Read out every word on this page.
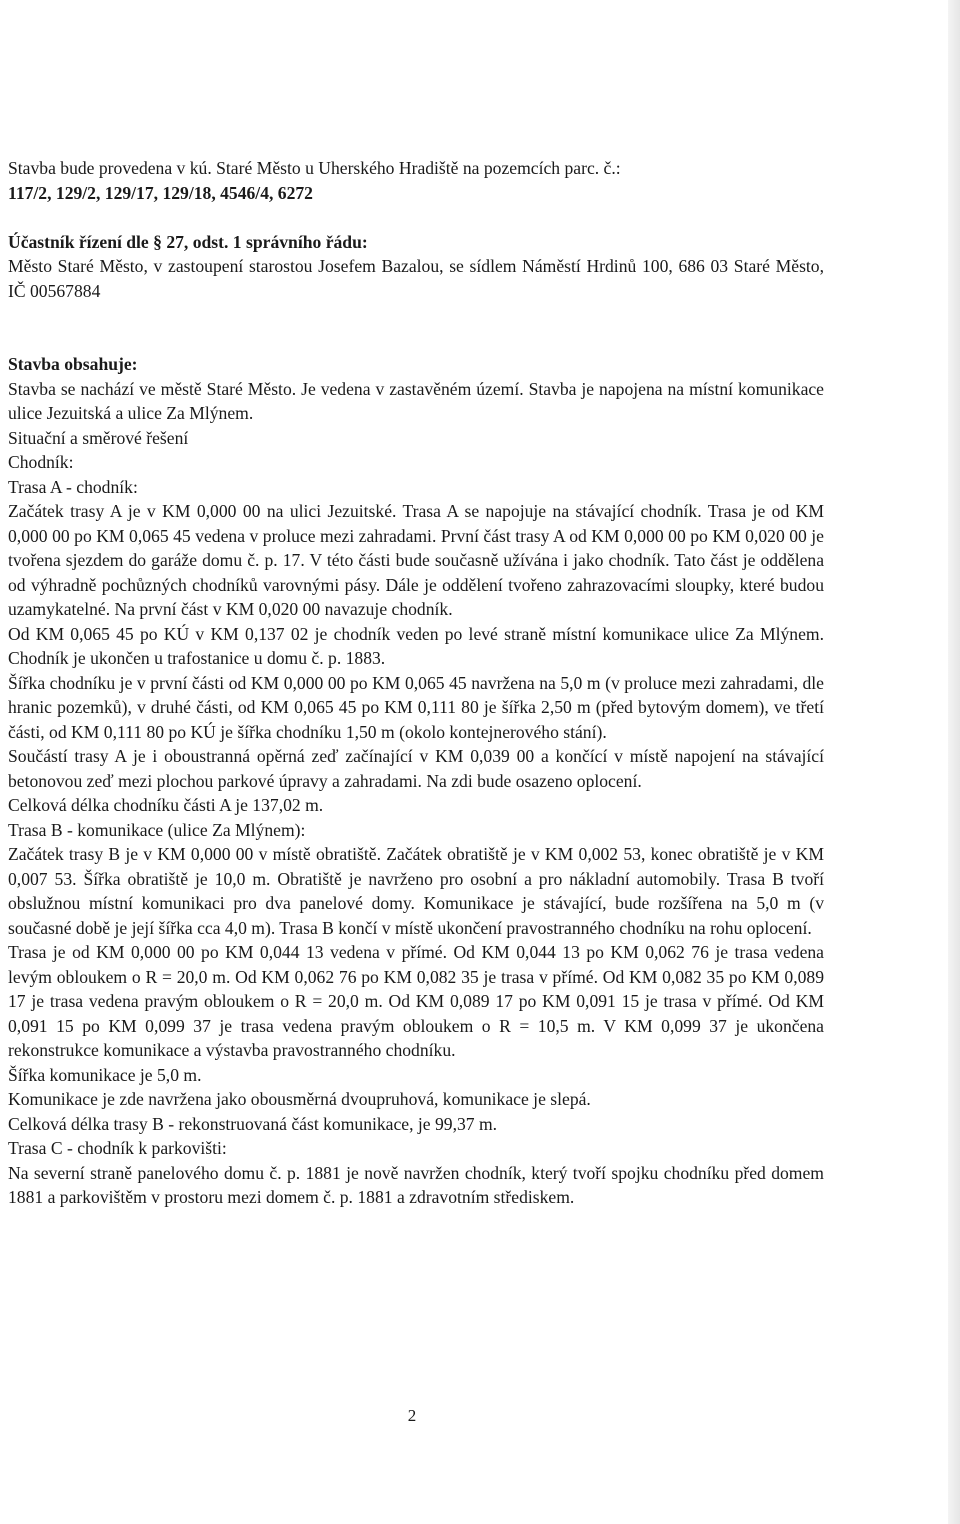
Stavba bude provedena v kú. Staré Město u Uherského Hradiště na pozemcích parc. č.:

117/2, 129/2, 129/17, 129/18, 4546/4, 6272

Účastník řízení dle § 27, odst. 1 správního řádu:

Město Staré Město, v zastoupení starostou Josefem Bazalou, se sídlem Náměstí Hrdinů 100, 686 03 Staré Město, IČ 00567884

Stavba obsahuje:

Stavba se nachází ve městě Staré Město. Je vedena v zastavěném území. Stavba je napojena na místní komunikace ulice Jezuitská a ulice Za Mlýnem.

Situační a směrové řešení

Chodník:

Trasa A - chodník:

Začátek trasy A je v KM 0,000 00 na ulici Jezuitské. Trasa A se napojuje na stávající chodník. Trasa je od KM 0,000 00 po KM 0,065 45 vedena v proluce mezi zahradami. První část trasy A od KM 0,000 00 po KM 0,020 00 je tvořena sjezdem do garáže domu č. p. 17. V této části bude současně užívána i jako chodník. Tato část je oddělena od výhradně pochůzných chodníků varovnými pásy. Dále je oddělení tvořeno zahrazovacími sloupky, které budou uzamykatelné. Na první část v KM 0,020 00 navazuje chodník.

Od KM 0,065 45 po KÚ v KM 0,137 02 je chodník veden po levé straně místní komunikace ulice Za Mlýnem. Chodník je ukončen u trafostanice u domu č. p. 1883.

Šířka chodníku je v první části od KM 0,000 00 po KM 0,065 45 navržena na 5,0 m (v proluce mezi zahradami, dle hranic pozemků), v druhé části, od KM 0,065 45 po KM 0,111 80 je šířka 2,50 m (před bytovým domem), ve třetí části, od KM 0,111 80 po KÚ je šířka chodníku 1,50 m (okolo kontejnerového stání).

Součástí trasy A je i oboustranná opěrná zeď začínající v KM 0,039 00 a končící v místě napojení na stávající betonovou zeď mezi plochou parkové úpravy a zahradami. Na zdi bude osazeno oplocení.

Celková délka chodníku části A je 137,02 m.

Trasa B - komunikace (ulice Za Mlýnem):

Začátek trasy B je v KM 0,000 00 v místě obratiště. Začátek obratiště je v KM 0,002 53, konec obratiště je v KM 0,007 53. Šířka obratiště je 10,0 m. Obratiště je navrženo pro osobní a pro nákladní automobily. Trasa B tvoří obslužnou místní komunikaci pro dva panelové domy. Komunikace je stávající, bude rozšířena na 5,0 m (v současné době je její šířka cca 4,0 m). Trasa B končí v místě ukončení pravostranného chodníku na rohu oplocení.

Trasa je od KM 0,000 00 po KM 0,044 13 vedena v přímé. Od KM 0,044 13 po KM 0,062 76 je trasa vedena levým obloukem o R = 20,0 m. Od KM 0,062 76 po KM 0,082 35 je trasa v přímé. Od KM 0,082 35 po KM 0,089 17 je trasa vedena pravým obloukem o R = 20,0 m. Od KM 0,089 17 po KM 0,091 15 je trasa v přímé. Od KM 0,091 15 po KM 0,099 37 je trasa vedena pravým obloukem o R = 10,5 m. V KM 0,099 37 je ukončena rekonstrukce komunikace a výstavba pravostranného chodníku.

Šířka komunikace je 5,0 m.

Komunikace je zde navržena jako obousměrná dvoupruhová, komunikace je slepá.

Celková délka trasy B - rekonstruovaná část komunikace, je 99,37 m.

Trasa C - chodník k parkovišti:

Na severní straně panelového domu č. p. 1881 je nově navržen chodník, který tvoří spojku chodníku před domem 1881 a parkovištěm v prostoru mezi domem č. p. 1881 a zdravotním střediskem.

2
